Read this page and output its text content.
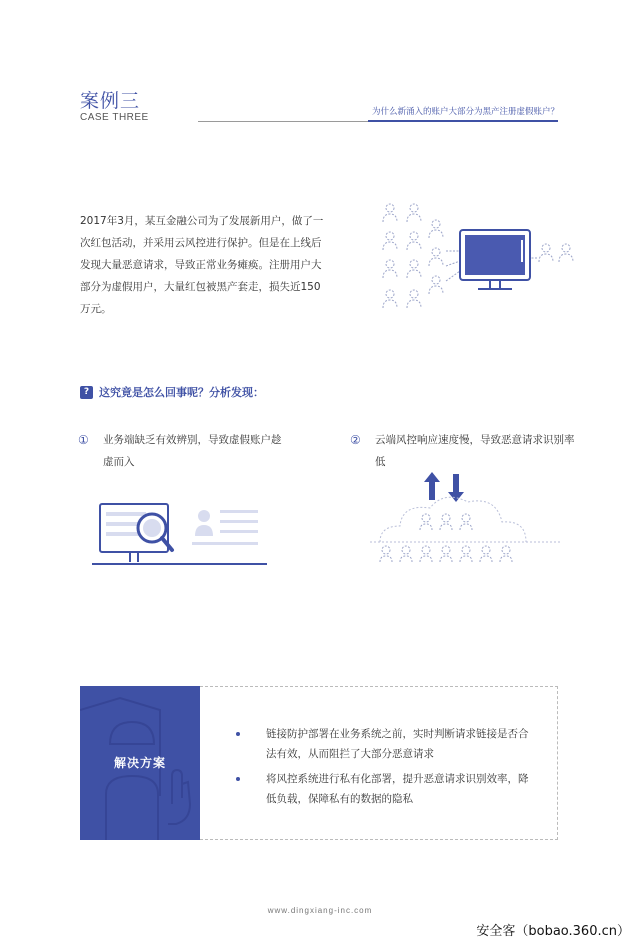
案例三
CASE THREE	为什么新涌入的账户大部分为黑产注册虚假账户？

2017年3月，某互金融公司为了发展新用户，做了一次红包活动，并采用云风控进行保护。但是在上线后发现大量恶意请求，导致正常业务瘫痪。注册用户大部分为虚假用户，大量红包被黑产套走，损失近150万元。

? 这究竟是怎么回事呢？分析发现：
①	业务端缺乏有效辨别，导致虚假账户趁虚而入
②	云端风控响应速度慢，导致恶意请求识别率低
解决方案
链接防护部署在业务系统之前，实时判断请求链接是否合法有效，从而阻拦了大部分恶意请求
将风控系统进行私有化部署，提升恶意请求识别效率，降低负载，保障私有的数据的隐私
www.dingxiang-inc.com
安全客（bobao.360.cn）
